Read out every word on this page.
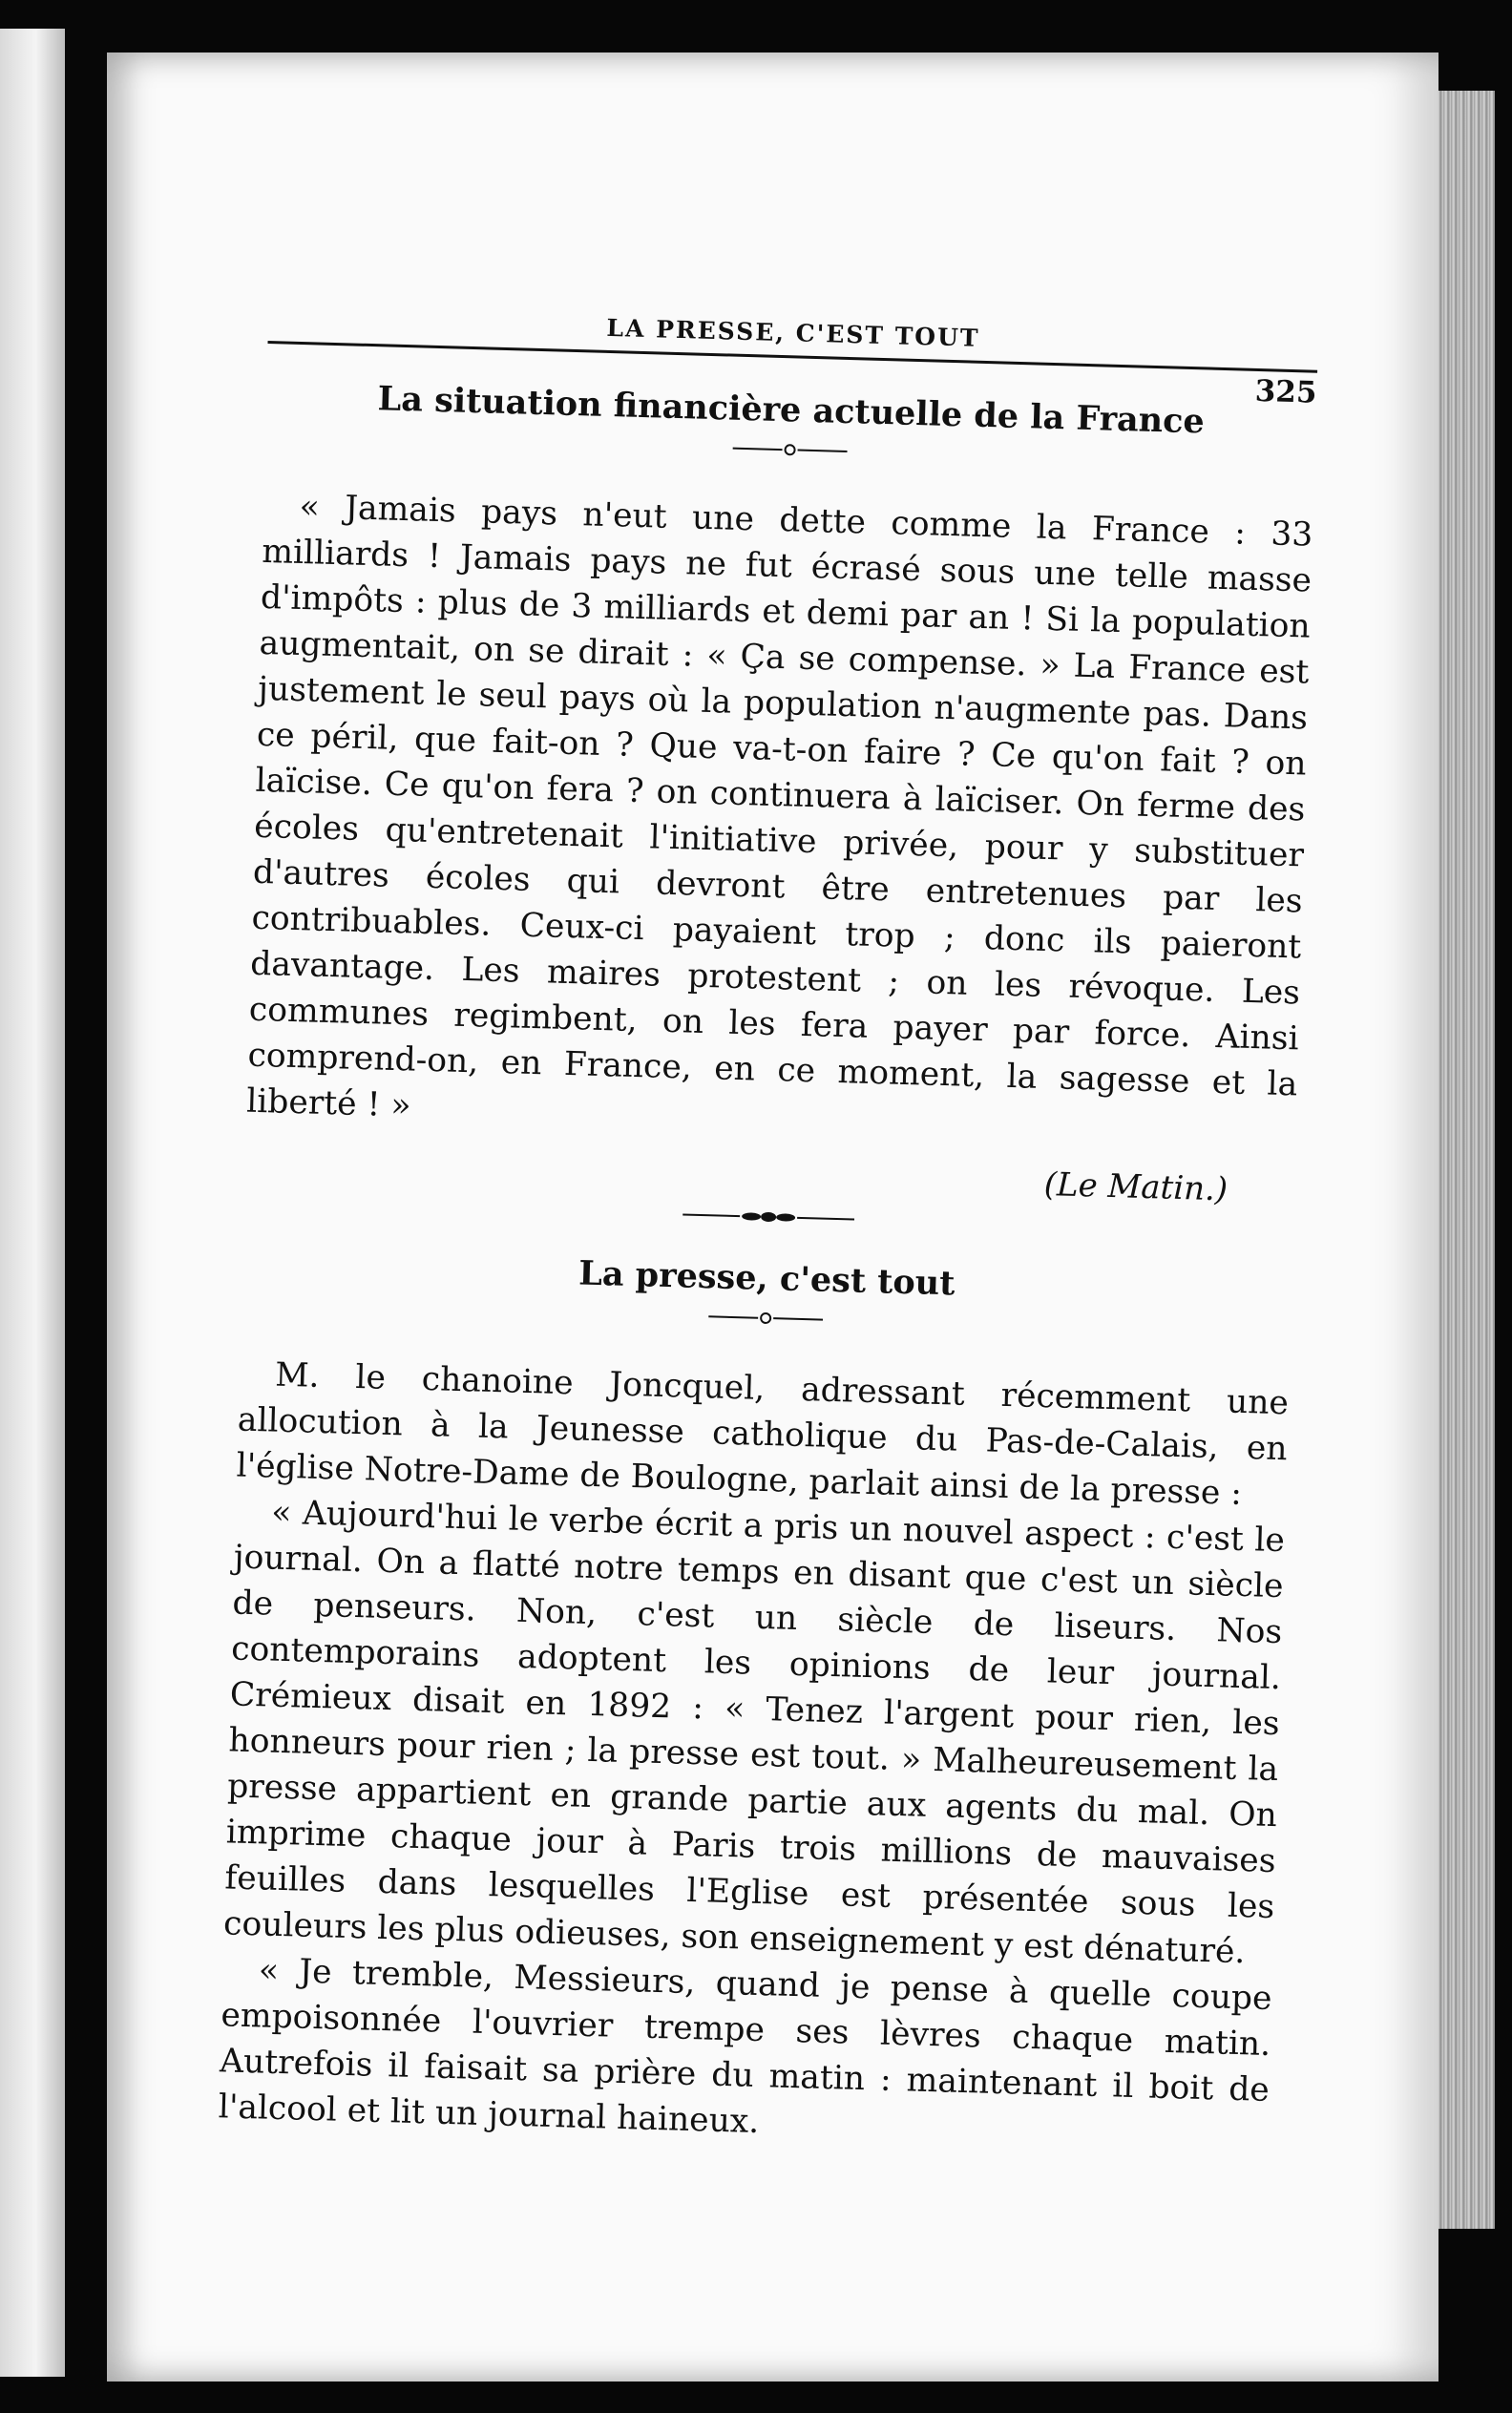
LA PRESSE, C'EST TOUT
325
La situation financière actuelle de la France

« Jamais pays n'eut une dette comme la France : 33 milliards ! Jamais pays ne fut écrasé sous une telle masse d'impôts : plus de 3 milliards et demi par an ! Si la population augmentait, on se dirait : « Ça se compense. » La France est justement le seul pays où la population n'augmente pas. Dans ce péril, que fait-on ? Que va-t-on faire ? Ce qu'on fait ? on laïcise. Ce qu'on fera ? on continuera à laïciser. On ferme des écoles qu'entretenait l'initiative privée, pour y substituer d'autres écoles qui devront être entretenues par les contribuables. Ceux-ci payaient trop ; donc ils paieront davantage. Les maires protestent ; on les révoque. Les communes regimbent, on les fera payer par force. Ainsi comprend-on, en France, en ce moment, la sagesse et la liberté ! »

(Le Matin.)
La presse, c'est tout

M. le chanoine Joncquel, adressant récemment une allocution à la Jeunesse catholique du Pas-de-Calais, en l'église Notre-Dame de Boulogne, parlait ainsi de la presse :

« Aujourd'hui le verbe écrit a pris un nouvel aspect : c'est le journal. On a flatté notre temps en disant que c'est un siècle de penseurs. Non, c'est un siècle de liseurs. Nos contemporains adoptent les opinions de leur journal. Crémieux disait en 1892 : « Tenez l'argent pour rien, les honneurs pour rien ; la presse est tout. » Malheureusement la presse appartient en grande partie aux agents du mal. On imprime chaque jour à Paris trois millions de mauvaises feuilles dans lesquelles l'Eglise est présentée sous les couleurs les plus odieuses, son enseignement y est dénaturé.

« Je tremble, Messieurs, quand je pense à quelle coupe empoisonnée l'ouvrier trempe ses lèvres chaque matin. Autrefois il faisait sa prière du matin : maintenant il boit de l'alcool et lit un journal haineux.
